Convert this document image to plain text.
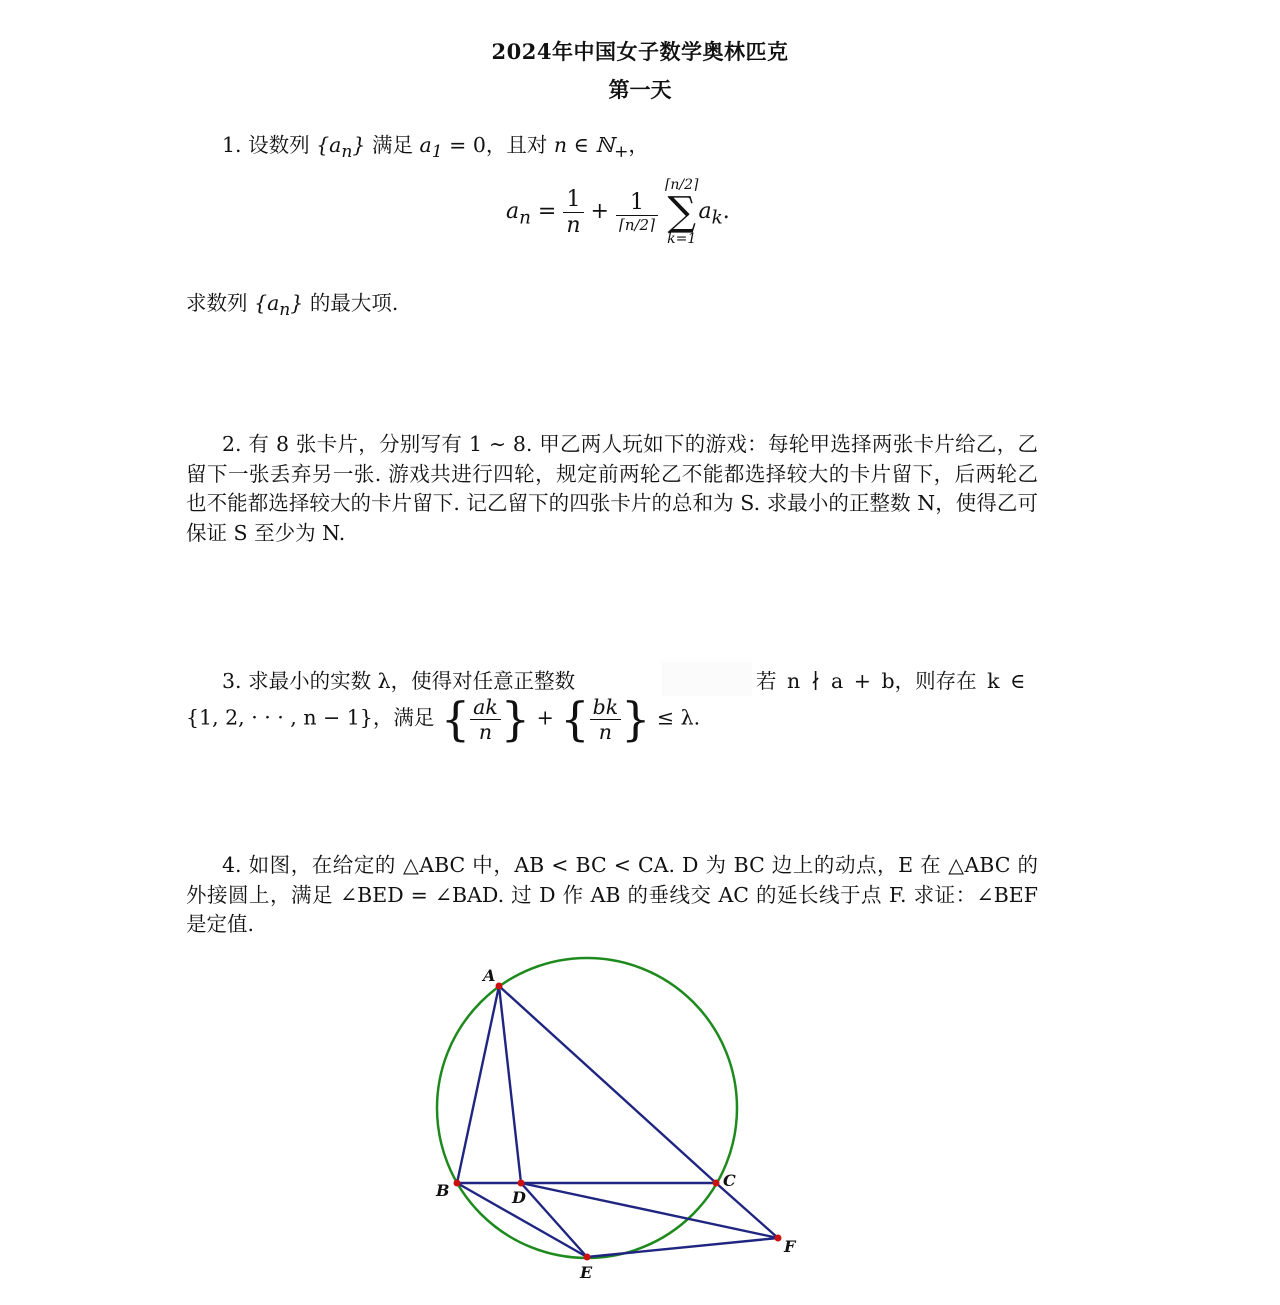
2024年中国女子数学奥林匹克
第一天
1. 设数列 $\{a_n\}$ 满足 $a_1 = 0$，且对 n ∈ ℕ$_+$，
$a_n = \frac{1}{n} + \frac{1}{⌈n/2⌉}$

⌈n/2⌉
∑
k=1
$a_k$.
求数列 $\{a_n\}$ 的最大项.
2. 有 8 张卡片，分别写有 1 ∼ 8. 甲乙两人玩如下的游戏：每轮甲选择两张卡片给乙，乙留下一张丢弃另一张. 游戏共进行四轮，规定前两轮乙不能都选择较大的卡片留下，后两轮乙也不能都选择较大的卡片留下. 记乙留下的四张卡片的总和为 S. 求最小的正整数 N，使得乙可保证 S 至少为 N.
3. 求最小的实数 λ，使得对任意正整数	若 n ∤ a + b，则存在 k ∈
{1, 2, · · · , n − 1}，满足 { $\frac{ak}{n}$ } + { $\frac{bk}{n}$ } ≤ λ.
4. 如图，在给定的 △ABC 中，AB < BC < CA. D 为 BC 边上的动点，E 在 △ABC 的外接圆上，满足 ∠BED = ∠BAD. 过 D 作 AB 的垂线交 AC 的延长线于点 F. 求证：∠BEF 是定值.
A
B
C
D
E
F
